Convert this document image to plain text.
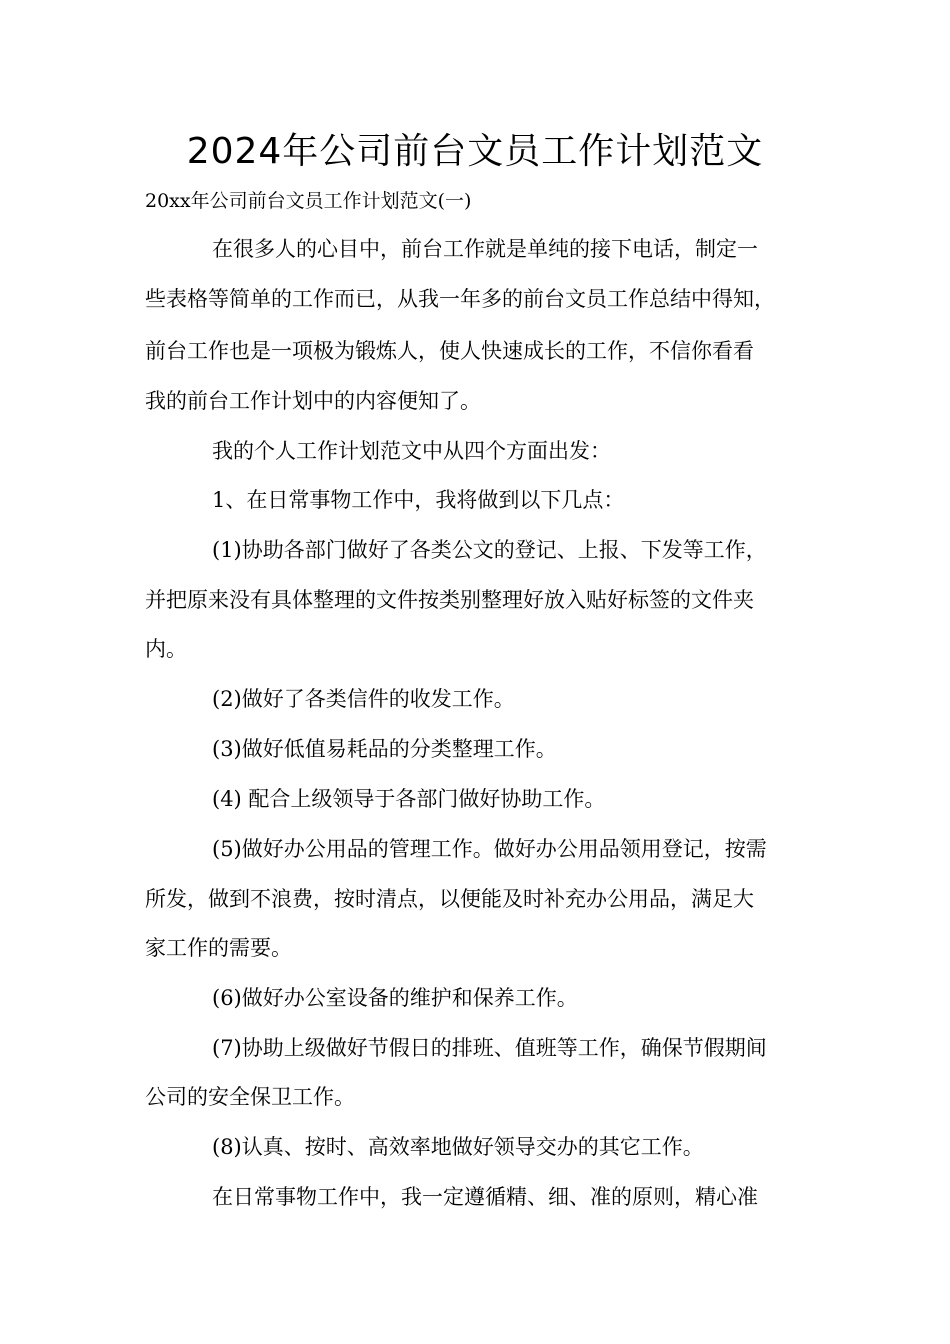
2024年公司前台文员工作计划范文

20xx年公司前台文员工作计划范文(一)

在很多人的心目中，前台工作就是单纯的接下电话，制定一

些表格等简单的工作而已，从我一年多的前台文员工作总结中得知，

前台工作也是一项极为锻炼人，使人快速成长的工作，不信你看看

我的前台工作计划中的内容便知了。

我的个人工作计划范文中从四个方面出发：

1、在日常事物工作中，我将做到以下几点：

(1)协助各部门做好了各类公文的登记、上报、下发等工作，

并把原来没有具体整理的文件按类别整理好放入贴好标签的文件夹

内。

(2)做好了各类信件的收发工作。

(3)做好低值易耗品的分类整理工作。

(4) 配合上级领导于各部门做好协助工作。

(5)做好办公用品的管理工作。做好办公用品领用登记，按需

所发，做到不浪费，按时清点，以便能及时补充办公用品，满足大

家工作的需要。

(6)做好办公室设备的维护和保养工作。

(7)协助上级做好节假日的排班、值班等工作，确保节假期间

公司的安全保卫工作。

(8)认真、按时、高效率地做好领导交办的其它工作。

在日常事物工作中，我一定遵循精、细、准的原则，精心准
